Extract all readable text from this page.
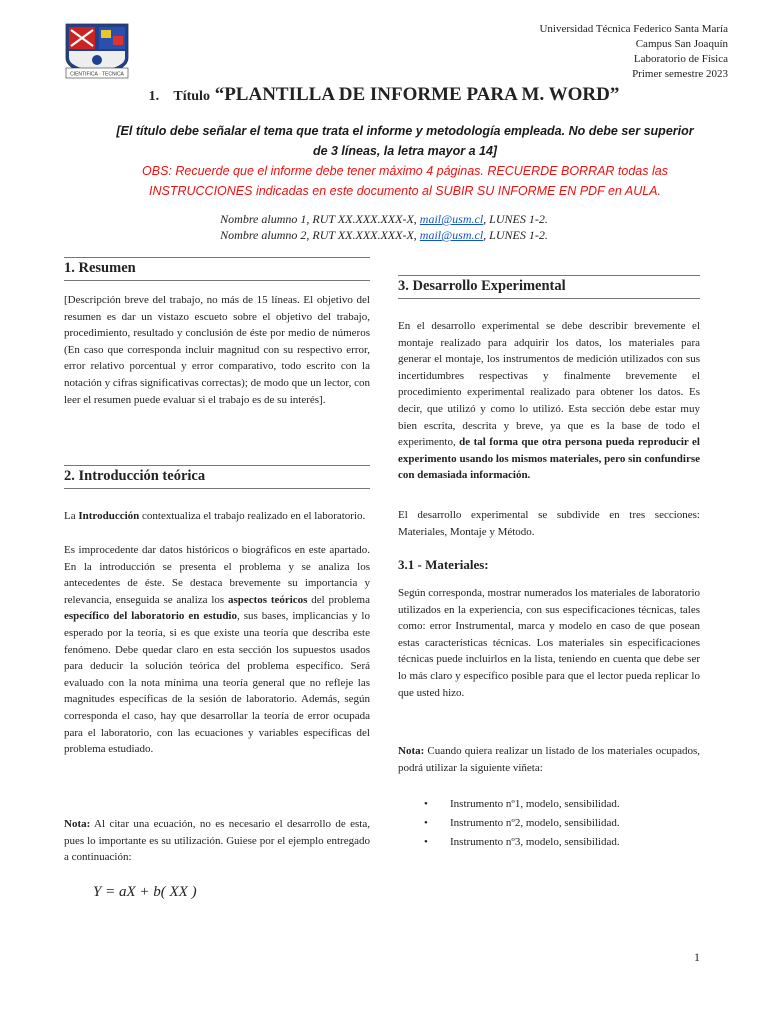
CIENTIFICA · TECNICA
Universidad Técnica Federico Santa María
Campus San Joaquín
Laboratorio de Física
Primer semestre 2023
1. Título “PLANTILLA DE INFORME PARA M. WORD”
[El título debe señalar el tema que trata el informe y metodología empleada. No debe ser superior de 3 líneas, la letra mayor a 14]
OBS: Recuerde que el informe debe tener máximo 4 páginas. RECUERDE BORRAR todas las INSTRUCCIONES indicadas en este documento al SUBIR SU INFORME EN PDF en AULA.
Nombre alumno 1, RUT XX.XXX.XXX-X, mail@usm.cl, LUNES 1-2.
Nombre alumno 2, RUT XX.XXX.XXX-X, mail@usm.cl, LUNES 1-2.
1. Resumen
[Descripción breve del trabajo, no más de 15 líneas. El objetivo del resumen es dar un vistazo escueto sobre el objetivo del trabajo, procedimiento, resultado y conclusión de éste por medio de números (En caso que corresponda incluir magnitud con su respectivo error, error relativo porcentual y error comparativo, todo escrito con la notación y cifras significativas correctas); de modo que un lector, con leer el resumen puede evaluar si el trabajo es de su interés].
2. Introducción teórica
La Introducción contextualiza el trabajo realizado en el laboratorio.
Es improcedente dar datos históricos o biográficos en este apartado. En la introducción se presenta el problema y se analiza los antecedentes de éste. Se destaca brevemente su importancia y relevancia, enseguida se analiza los aspectos teóricos del problema específico del laboratorio en estudio, sus bases, implicancias y lo esperado por la teoría, si es que existe una teoría que describa este fenómeno. Debe quedar claro en esta sección los supuestos usados para deducir la solución teórica del problema específico. Será evaluado con la nota mínima una teoría general que no refleje las magnitudes específicas de la sesión de laboratorio. Además, según corresponda el caso, hay que desarrollar la teoría de error ocupada para el laboratorio, con las ecuaciones y variables específicas del problema estudiado.
Nota: Al citar una ecuación, no es necesario el desarrollo de esta, pues lo importante es su utilización. Guiese por el ejemplo entregado a continuación:
Y = aX + b( XX )
3. Desarrollo Experimental
En el desarrollo experimental se debe describir brevemente el montaje realizado para adquirir los datos, los materiales para generar el montaje, los instrumentos de medición utilizados con sus incertidumbres respectivas y finalmente brevemente el procedimiento experimental realizado para obtener los datos. Es decir, que utilizó y como lo utilizó. Esta sección debe estar muy bien escrita, descrita y breve, ya que es la base de todo el experimento, de tal forma que otra persona pueda reproducir el experimento usando los mismos materiales, pero sin confundirse con demasiada información.
El desarrollo experimental se subdivide en tres secciones: Materiales, Montaje y Método.
3.1 - Materiales:
Según corresponda, mostrar numerados los materiales de laboratorio utilizados en la experiencia, con sus especificaciones técnicas, tales como: error Instrumental, marca y modelo en caso de que posean estas características técnicas. Los materiales sin especificaciones técnicas puede incluirlos en la lista, teniendo en cuenta que debe ser lo más claro y específico posible para que el lector pueda replicar lo que usted hizo.
Nota: Cuando quiera realizar un listado de los materiales ocupados, podrá utilizar la siguiente viñeta:
• Instrumento nº1, modelo, sensibilidad.
• Instrumento nº2, modelo, sensibilidad.
• Instrumento nº3, modelo, sensibilidad.
1
